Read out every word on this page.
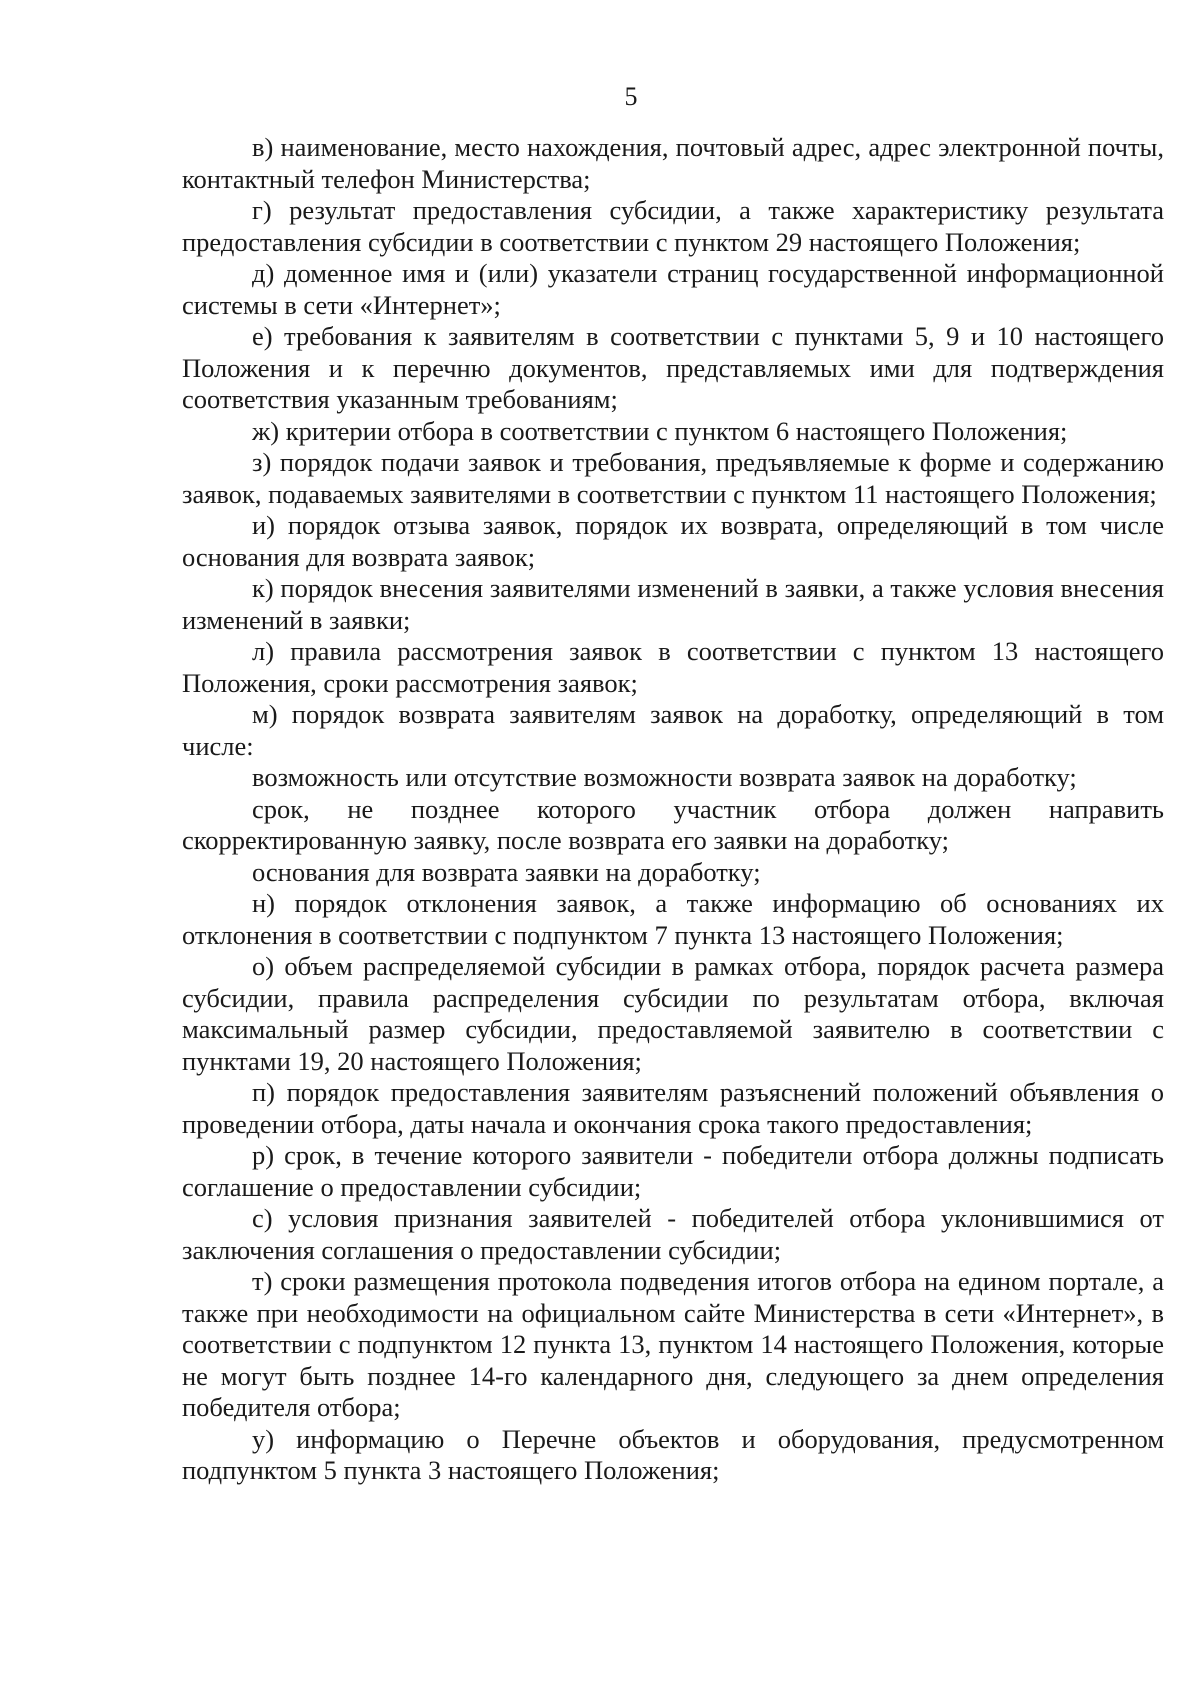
5

в) наименование, место нахождения, почтовый адрес, адрес электронной почты, контактный телефон Министерства;

г) результат предоставления субсидии, а также характеристику результата предоставления субсидии в соответствии с пунктом 29 настоящего Положения;

д) доменное имя и (или) указатели страниц государственной информационной системы в сети «Интернет»;

е) требования к заявителям в соответствии с пунктами 5, 9 и 10 настоящего Положения и к перечню документов, представляемых ими для подтверждения соответствия указанным требованиям;

ж) критерии отбора в соответствии с пунктом 6 настоящего Положения;

з) порядок подачи заявок и требования, предъявляемые к форме и содержанию заявок, подаваемых заявителями в соответствии с пунктом 11 настоящего Положения;

и) порядок отзыва заявок, порядок их возврата, определяющий в том числе основания для возврата заявок;

к) порядок внесения заявителями изменений в заявки, а также условия внесения изменений в заявки;

л) правила рассмотрения заявок в соответствии с пунктом 13 настоящего Положения, сроки рассмотрения заявок;

м) порядок возврата заявителям заявок на доработку, определяющий в том числе:

возможность или отсутствие возможности возврата заявок на доработку;

срок, не позднее которого участник отбора должен направить скорректированную заявку, после возврата его заявки на доработку;

основания для возврата заявки на доработку;

н) порядок отклонения заявок, а также информацию об основаниях их отклонения в соответствии с подпунктом 7 пункта 13 настоящего Положения;

о) объем распределяемой субсидии в рамках отбора, порядок расчета размера субсидии, правила распределения субсидии по результатам отбора, включая максимальный размер субсидии, предоставляемой заявителю в соответствии с пунктами 19, 20 настоящего Положения;

п) порядок предоставления заявителям разъяснений положений объявления о проведении отбора, даты начала и окончания срока такого предоставления;

р) срок, в течение которого заявители - победители отбора должны подписать соглашение о предоставлении субсидии;

с) условия признания заявителей - победителей отбора уклонившимися от заключения соглашения о предоставлении субсидии;

т) сроки размещения протокола подведения итогов отбора на едином портале, а также при необходимости на официальном сайте Министерства в сети «Интернет», в соответствии с подпунктом 12 пункта 13, пунктом 14 настоящего Положения, которые не могут быть позднее 14-го календарного дня, следующего за днем определения победителя отбора;

у) информацию о Перечне объектов и оборудования, предусмотренном подпунктом 5 пункта 3 настоящего Положения;
